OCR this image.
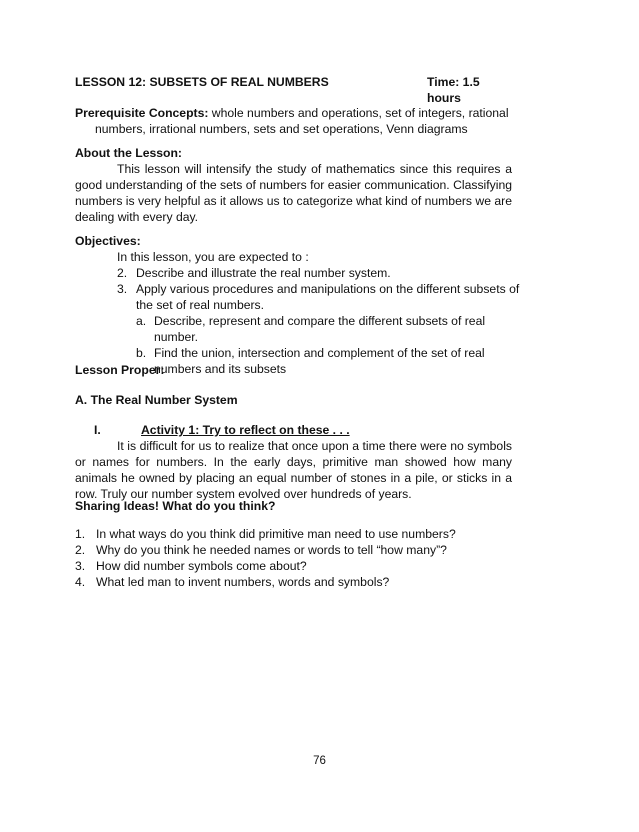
LESSON 12: SUBSETS OF REAL NUMBERS	Time: 1.5 hours
Prerequisite Concepts: whole numbers and operations, set of integers, rational
numbers, irrational numbers, sets and set operations, Venn diagrams
About the Lesson:
This lesson will intensify the study of mathematics since this requires a good understanding of the sets of numbers for easier communication. Classifying numbers is very helpful as it allows us to categorize what kind of numbers we are dealing with every day.
Objectives:
In this lesson, you are expected to :
2. Describe and illustrate the real number system.
3. Apply various procedures and manipulations on the different subsets of
the set of real numbers.
a. Describe, represent and compare the different subsets of real
number.
b. Find the union, intersection and complement of the set of real
numbers and its subsets
Lesson Proper:
A. The Real Number System
I.	Activity 1: Try to reflect on these . . .
It is difficult for us to realize that once upon a time there were no symbols or names for numbers. In the early days, primitive man showed how many animals he owned by placing an equal number of stones in a pile, or sticks in a row. Truly our number system evolved over hundreds of years.
Sharing Ideas! What do you think?
1. In what ways do you think did primitive man need to use numbers?
2. Why do you think he needed names or words to tell “how many”?
3. How did number symbols come about?
4. What led man to invent numbers, words and symbols?
76
